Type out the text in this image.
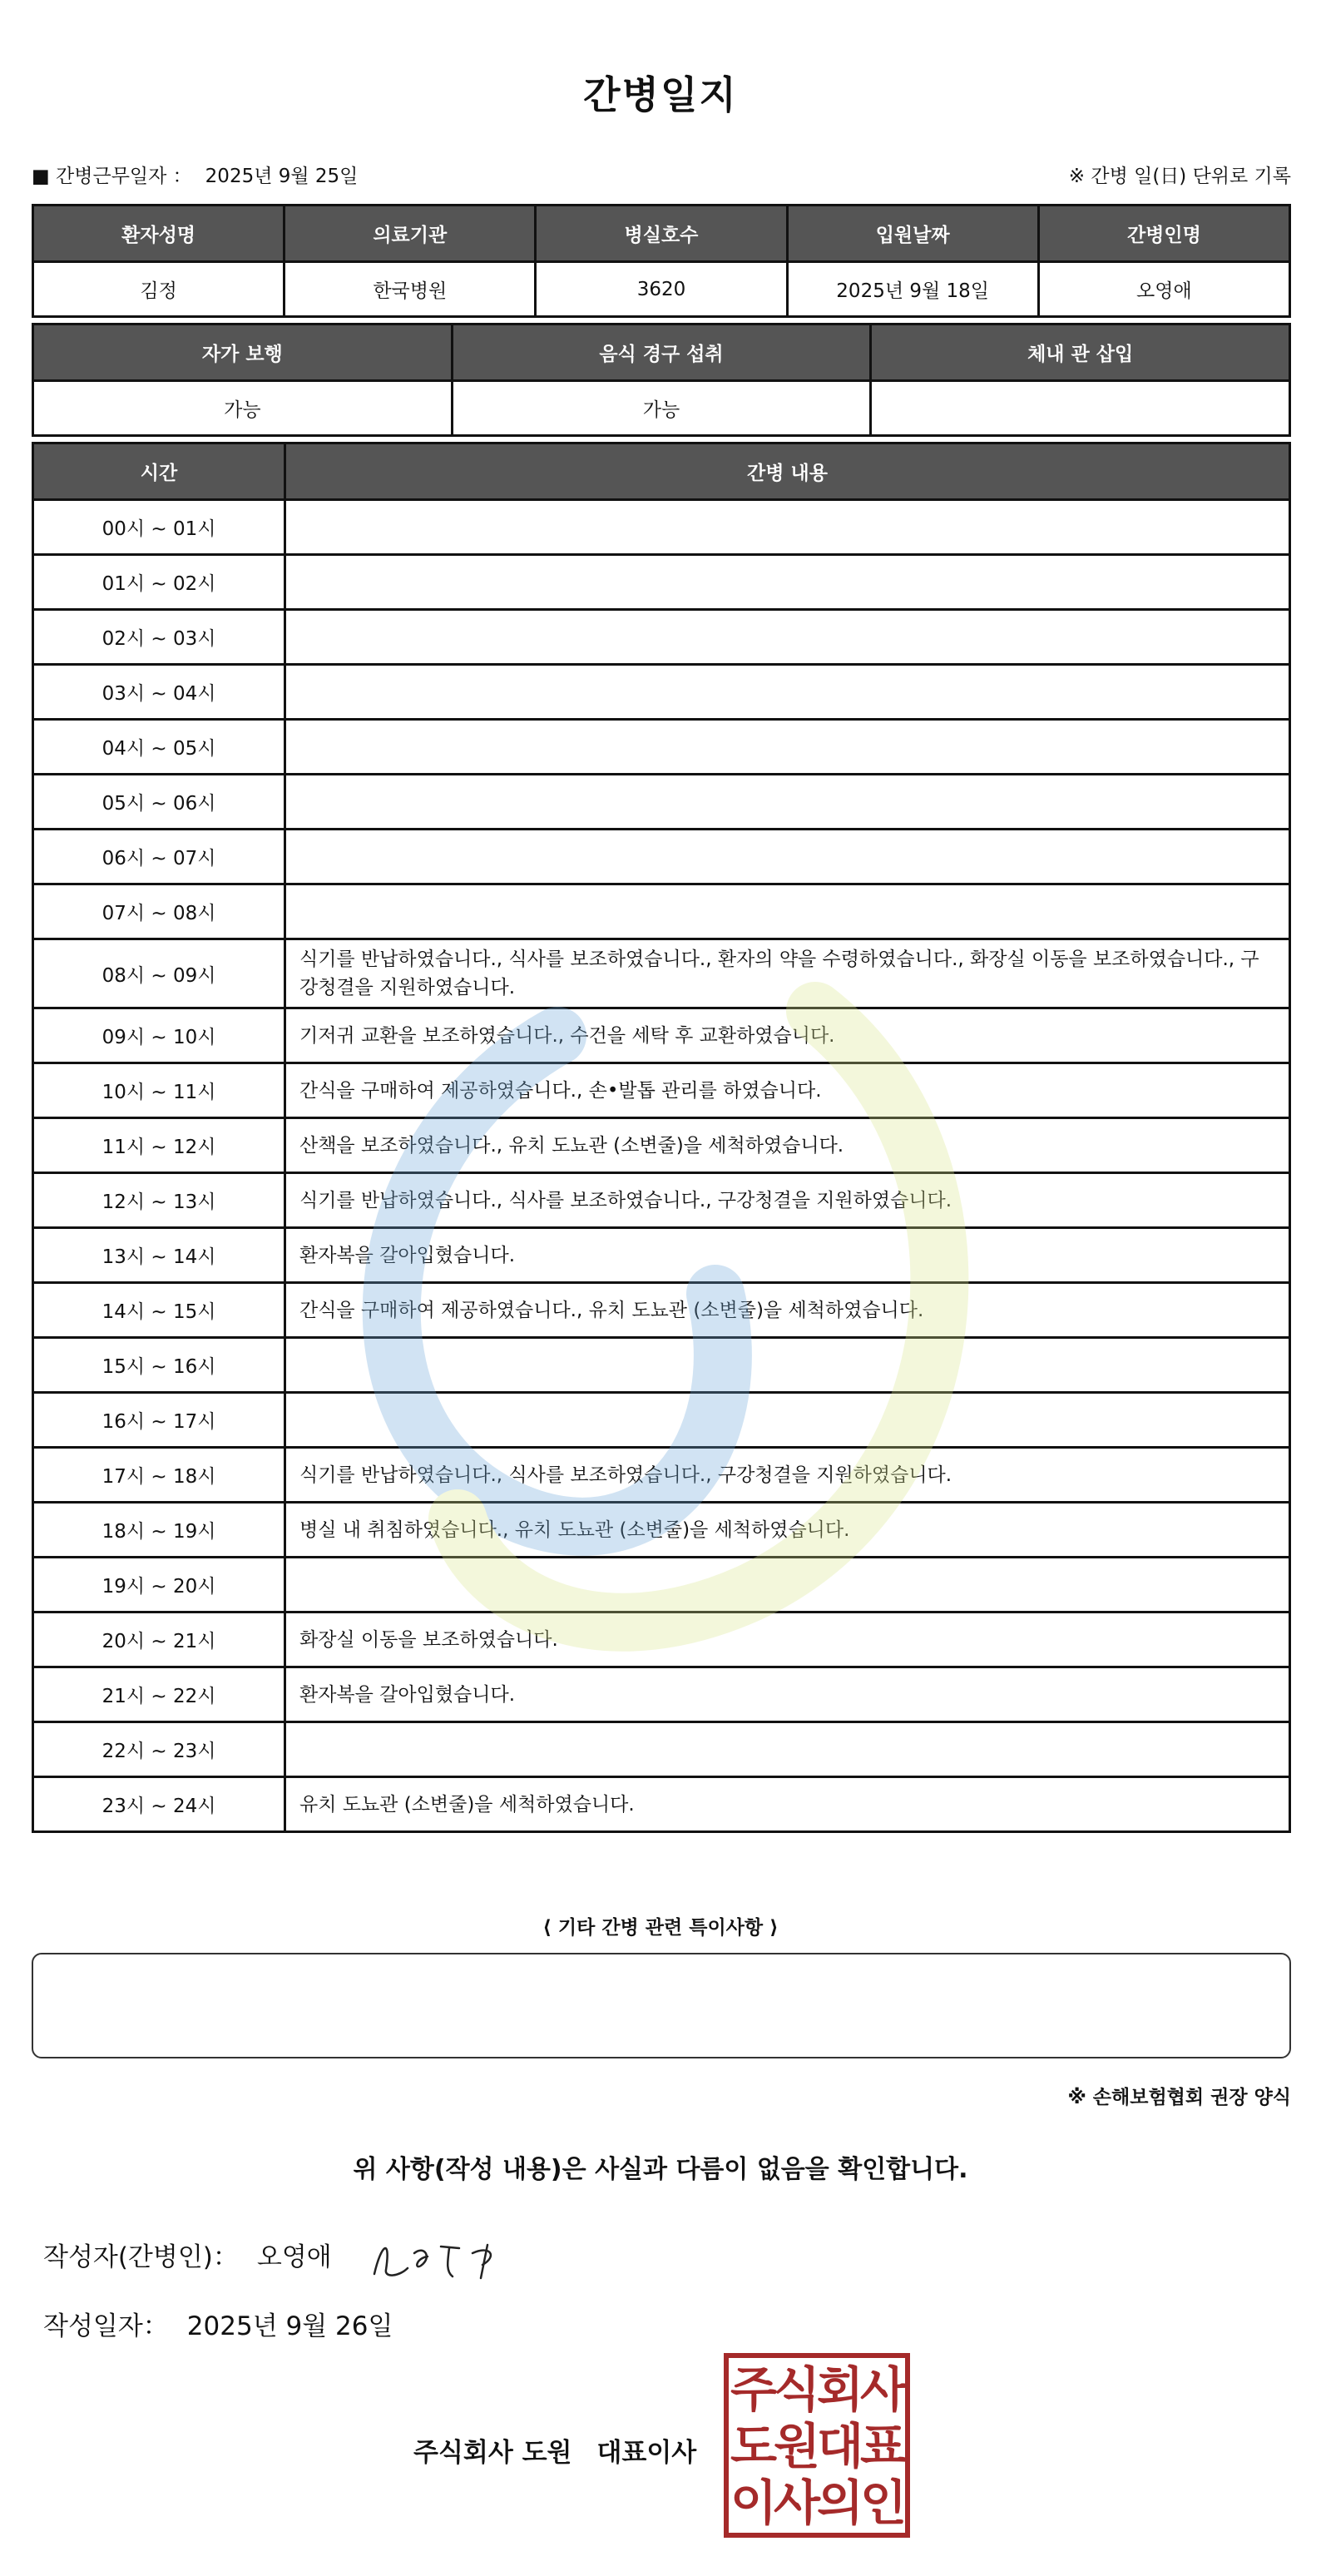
간병일지
■ 간병근무일자 ： 2025년 9월 25일	※ 간병 일(日) 단위로 기록
환자성명	의료기관	병실호수	입원날짜	간병인명
김정	한국병원	3620	2025년 9월 18일	오영애
자가 보행	음식 경구 섭취	체내 관 삽입
가능	가능	
시간	간병 내용
00시 ~ 01시	
01시 ~ 02시	
02시 ~ 03시	
03시 ~ 04시	
04시 ~ 05시	
05시 ~ 06시	
06시 ~ 07시	
07시 ~ 08시	
08시 ~ 09시	식기를 반납하였습니다., 식사를 보조하였습니다., 환자의 약을 수령하였습니다., 화장실 이동을 보조하였습니다., 구강청결을 지원하였습니다.
09시 ~ 10시	기저귀 교환을 보조하였습니다., 수건을 세탁 후 교환하였습니다.
10시 ~ 11시	간식을 구매하여 제공하였습니다., 손•발톱 관리를 하였습니다.
11시 ~ 12시	산책을 보조하였습니다., 유치 도뇨관 (소변줄)을 세척하였습니다.
12시 ~ 13시	식기를 반납하였습니다., 식사를 보조하였습니다., 구강청결을 지원하였습니다.
13시 ~ 14시	환자복을 갈아입혔습니다.
14시 ~ 15시	간식을 구매하여 제공하였습니다., 유치 도뇨관 (소변줄)을 세척하였습니다.
15시 ~ 16시	
16시 ~ 17시	
17시 ~ 18시	식기를 반납하였습니다., 식사를 보조하였습니다., 구강청결을 지원하였습니다.
18시 ~ 19시	병실 내 취침하였습니다., 유치 도뇨관 (소변줄)을 세척하였습니다.
19시 ~ 20시	
20시 ~ 21시	화장실 이동을 보조하였습니다.
21시 ~ 22시	환자복을 갈아입혔습니다.
22시 ~ 23시	
23시 ~ 24시	유치 도뇨관 (소변줄)을 세척하였습니다.
⟨ 기타 간병 관련 특이사항 ⟩
※ 손해보험협회 권장 양식
위 사항(작성 내용)은 사실과 다름이 없음을 확인합니다.
작성자(간병인)： 오영애
작성일자： 2025년 9월 26일
주식회사 도원 대표이사
주식회사
도원대표
이사의인
